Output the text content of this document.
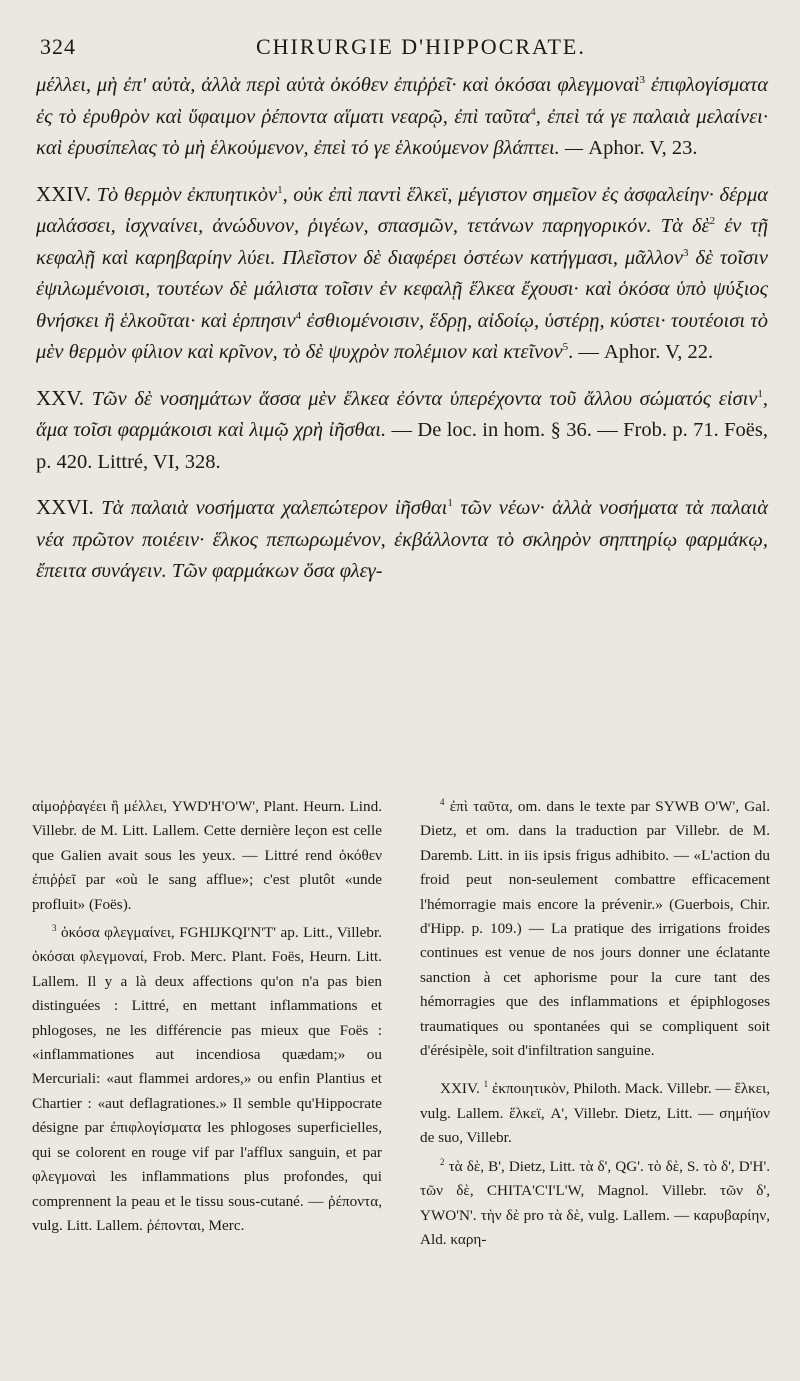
324	CHIRURGIE D'HIPPOCRATE.

μέλλει, μὴ ἐπ' αὐτὰ, ἀλλὰ περὶ αὐτὰ ὁκόθεν ἐπιῤῥεῖ· καὶ ὁκόσαι φλεγμοναὶ$^3$ ἐπιφλογίσματα ἐς τὸ ἐρυθρὸν καὶ ὕφαιμον ῥέποντα αἵματι νεαρῷ, ἐπὶ ταῦτα$^4$, ἐπεὶ τά γε παλαιὰ μελαίνει· καὶ ἐρυσίπελας τὸ μὴ ἑλκούμενον, ἐπεὶ τό γε ἑλκούμενον βλάπτει. — Aphor. V, 23.

XXIV. Τὸ θερμὸν ἐκπυητικὸν$^1$, οὐκ ἐπὶ παντὶ ἕλκεϊ, μέγιστον σημεῖον ἐς ἀσφαλείην· δέρμα μαλάσσει, ἰσχναίνει, ἀνώδυνον, ῥιγέων, σπασμῶν, τετάνων παρηγορικόν. Τὰ δὲ$^2$ ἐν τῇ κεφαλῇ καὶ καρηβαρίην λύει. Πλεῖστον δὲ διαφέρει ὀστέων κατήγμασι, μᾶλλον$^3$ δὲ τοῖσιν ἐψιλωμένοισι, τουτέων δὲ μάλιστα τοῖσιν ἐν κεφαλῇ ἕλκεα ἔχουσι· καὶ ὁκόσα ὑπὸ ψύξιος θνήσκει ἢ ἑλκοῦται· καὶ ἑρπησιν$^4$ ἐσθιομένοισιν, ἕδρῃ, αἰδοίῳ, ὑστέρῃ, κύστει· τουτέοισι τὸ μὲν θερμὸν φίλιον καὶ κρῖνον, τὸ δὲ ψυχρὸν πολέμιον καὶ κτεῖνον$^5$. — Aphor. V, 22.

XXV. Τῶν δὲ νοσημάτων ἅσσα μὲν ἕλκεα ἐόντα ὑπερέχοντα τοῦ ἄλλου σώματός εἰσιν$^1$, ἅμα τοῖσι φαρμάκοισι καὶ λιμῷ χρὴ ἰῆσθαι. — De loc. in hom. § 36. — Frob. p. 71. Foës, p. 420. Littré, VI, 328.

XXVI. Τὰ παλαιὰ νοσήματα χαλεπώτερον ἰῆσθαι$^1$ τῶν νέων· ἀλλὰ νοσήματα τὰ παλαιὰ νέα πρῶτον ποιέειν· ἕλκος πεπωρωμένον, ἐκβάλλοντα τὸ σκληρὸν σηπτηρίῳ φαρμάκῳ, ἔπειτα συνάγειν. Τῶν φαρμάκων ὅσα φλεγ-

αἱμοῤῥαγέει ἢ μέλλει, YWD'H'O'W', Plant. Heurn. Lind. Villebr. de M. Litt. Lallem. Cette dernière leçon est celle que Galien avait sous les yeux. — Littré rend ὁκόθεν ἐπιῤῥεῖ par «où le sang afflue»; c'est plutôt «unde profluit» (Foës).
$^3$ ὁκόσα φλεγμαίνει, FGHIJKQI'N'T' ap. Litt., Villebr. ὁκόσαι φλεγμοναί, Frob. Merc. Plant. Foës, Heurn. Litt. Lallem. Il y a là deux affections qu'on n'a pas bien distinguées : Littré, en mettant inflammations et phlogoses, ne les différencie pas mieux que Foës : «inflammationes aut incendiosa quædam;» ou Mercuriali: «aut flammei ardores,» ou enfin Plantius et Chartier : «aut deflagrationes.» Il semble qu'Hippocrate désigne par ἐπιφλογίσματα les phlogoses superficielles, qui se colorent en rouge vif par l'afflux sanguin, et par φλεγμοναὶ les inflammations plus profondes, qui comprennent la peau et le tissu sous-cutané. — ῥέποντα, vulg. Litt. Lallem. ῥέπονται, Merc.
$^4$ ἐπὶ ταῦτα, om. dans le texte par SYWB O'W', Gal. Dietz, et om. dans la traduction par Villebr. de M. Daremb. Litt. in iis ipsis frigus adhibito. — «L'action du froid peut non-seulement combattre efficacement l'hémorragie mais encore la prévenir.» (Guerbois, Chir. d'Hipp. p. 109.) — La pratique des irrigations froides continues est venue de nos jours donner une éclatante sanction à cet aphorisme pour la cure tant des hémorragies que des inflammations et épiphlogoses traumatiques ou spontanées qui se compliquent soit d'érésipèle, soit d'infiltration sanguine.
XXIV. $^1$ ἐκποιητικὸν, Philoth. Mack. Villebr. — ἕλκει, vulg. Lallem. ἕλκεϊ, A', Villebr. Dietz, Litt. — σημήϊον de suo, Villebr.
$^2$ τὰ δὲ, B', Dietz, Litt. τὰ δ', QG'. τὸ δὲ, S. τὸ δ', D'H'. τῶν δὲ, CHITA'C'I'L'W, Magnol. Villebr. τῶν δ', YWO'N'. τὴν δὲ pro τὰ δὲ, vulg. Lallem. — καρυβαρίην, Ald. καρη-
